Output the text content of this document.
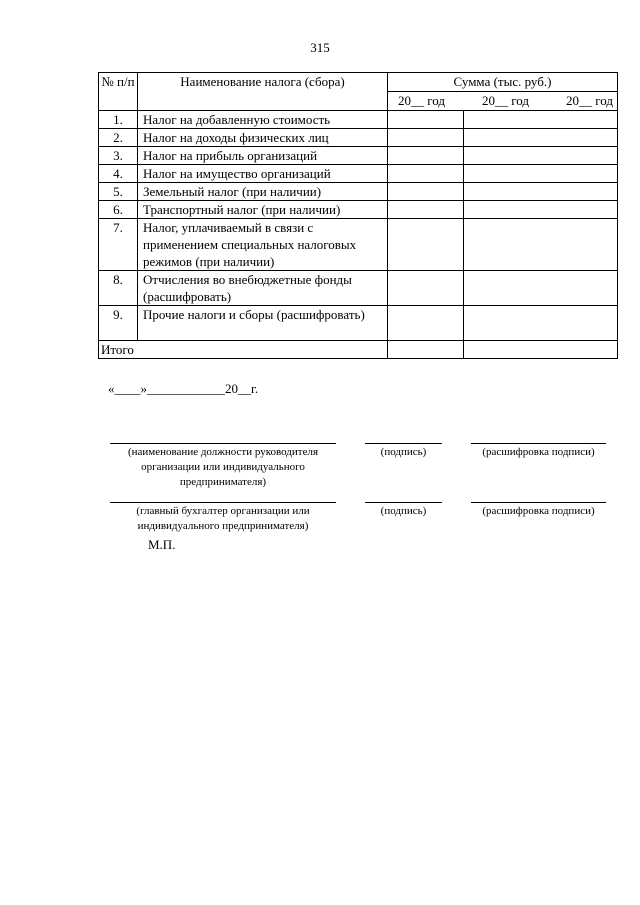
315
№ п/п	Наименование налога (сбора)	Сумма (тыс. руб.)	

		20__ год 20__ год 20__ год	

1.	Налог на добавленную стоимость		
2.	Налог на доходы физических лиц		
3.	Налог на прибыль организаций		
4.	Налог на имущество организаций		
5.	Земельный налог (при наличии)		
6.	Транспортный налог (при наличии)		
7.	Налог, уплачиваемый в связи с применением специальных налоговых режимов (при наличии)		
8.	Отчисления во внебюджетные фонды (расшифровать)		
9.	Прочие налоги и сборы (расшифровать)		
Итого			
«____»____________20__г.
(наименование должности руководителя организации или индивидуального предпринимателя)
(подпись)	(расшифровка подписи)
(главный бухгалтер организации или индивидуального предпринимателя)
(подпись)	(расшифровка подписи)
М.П.
